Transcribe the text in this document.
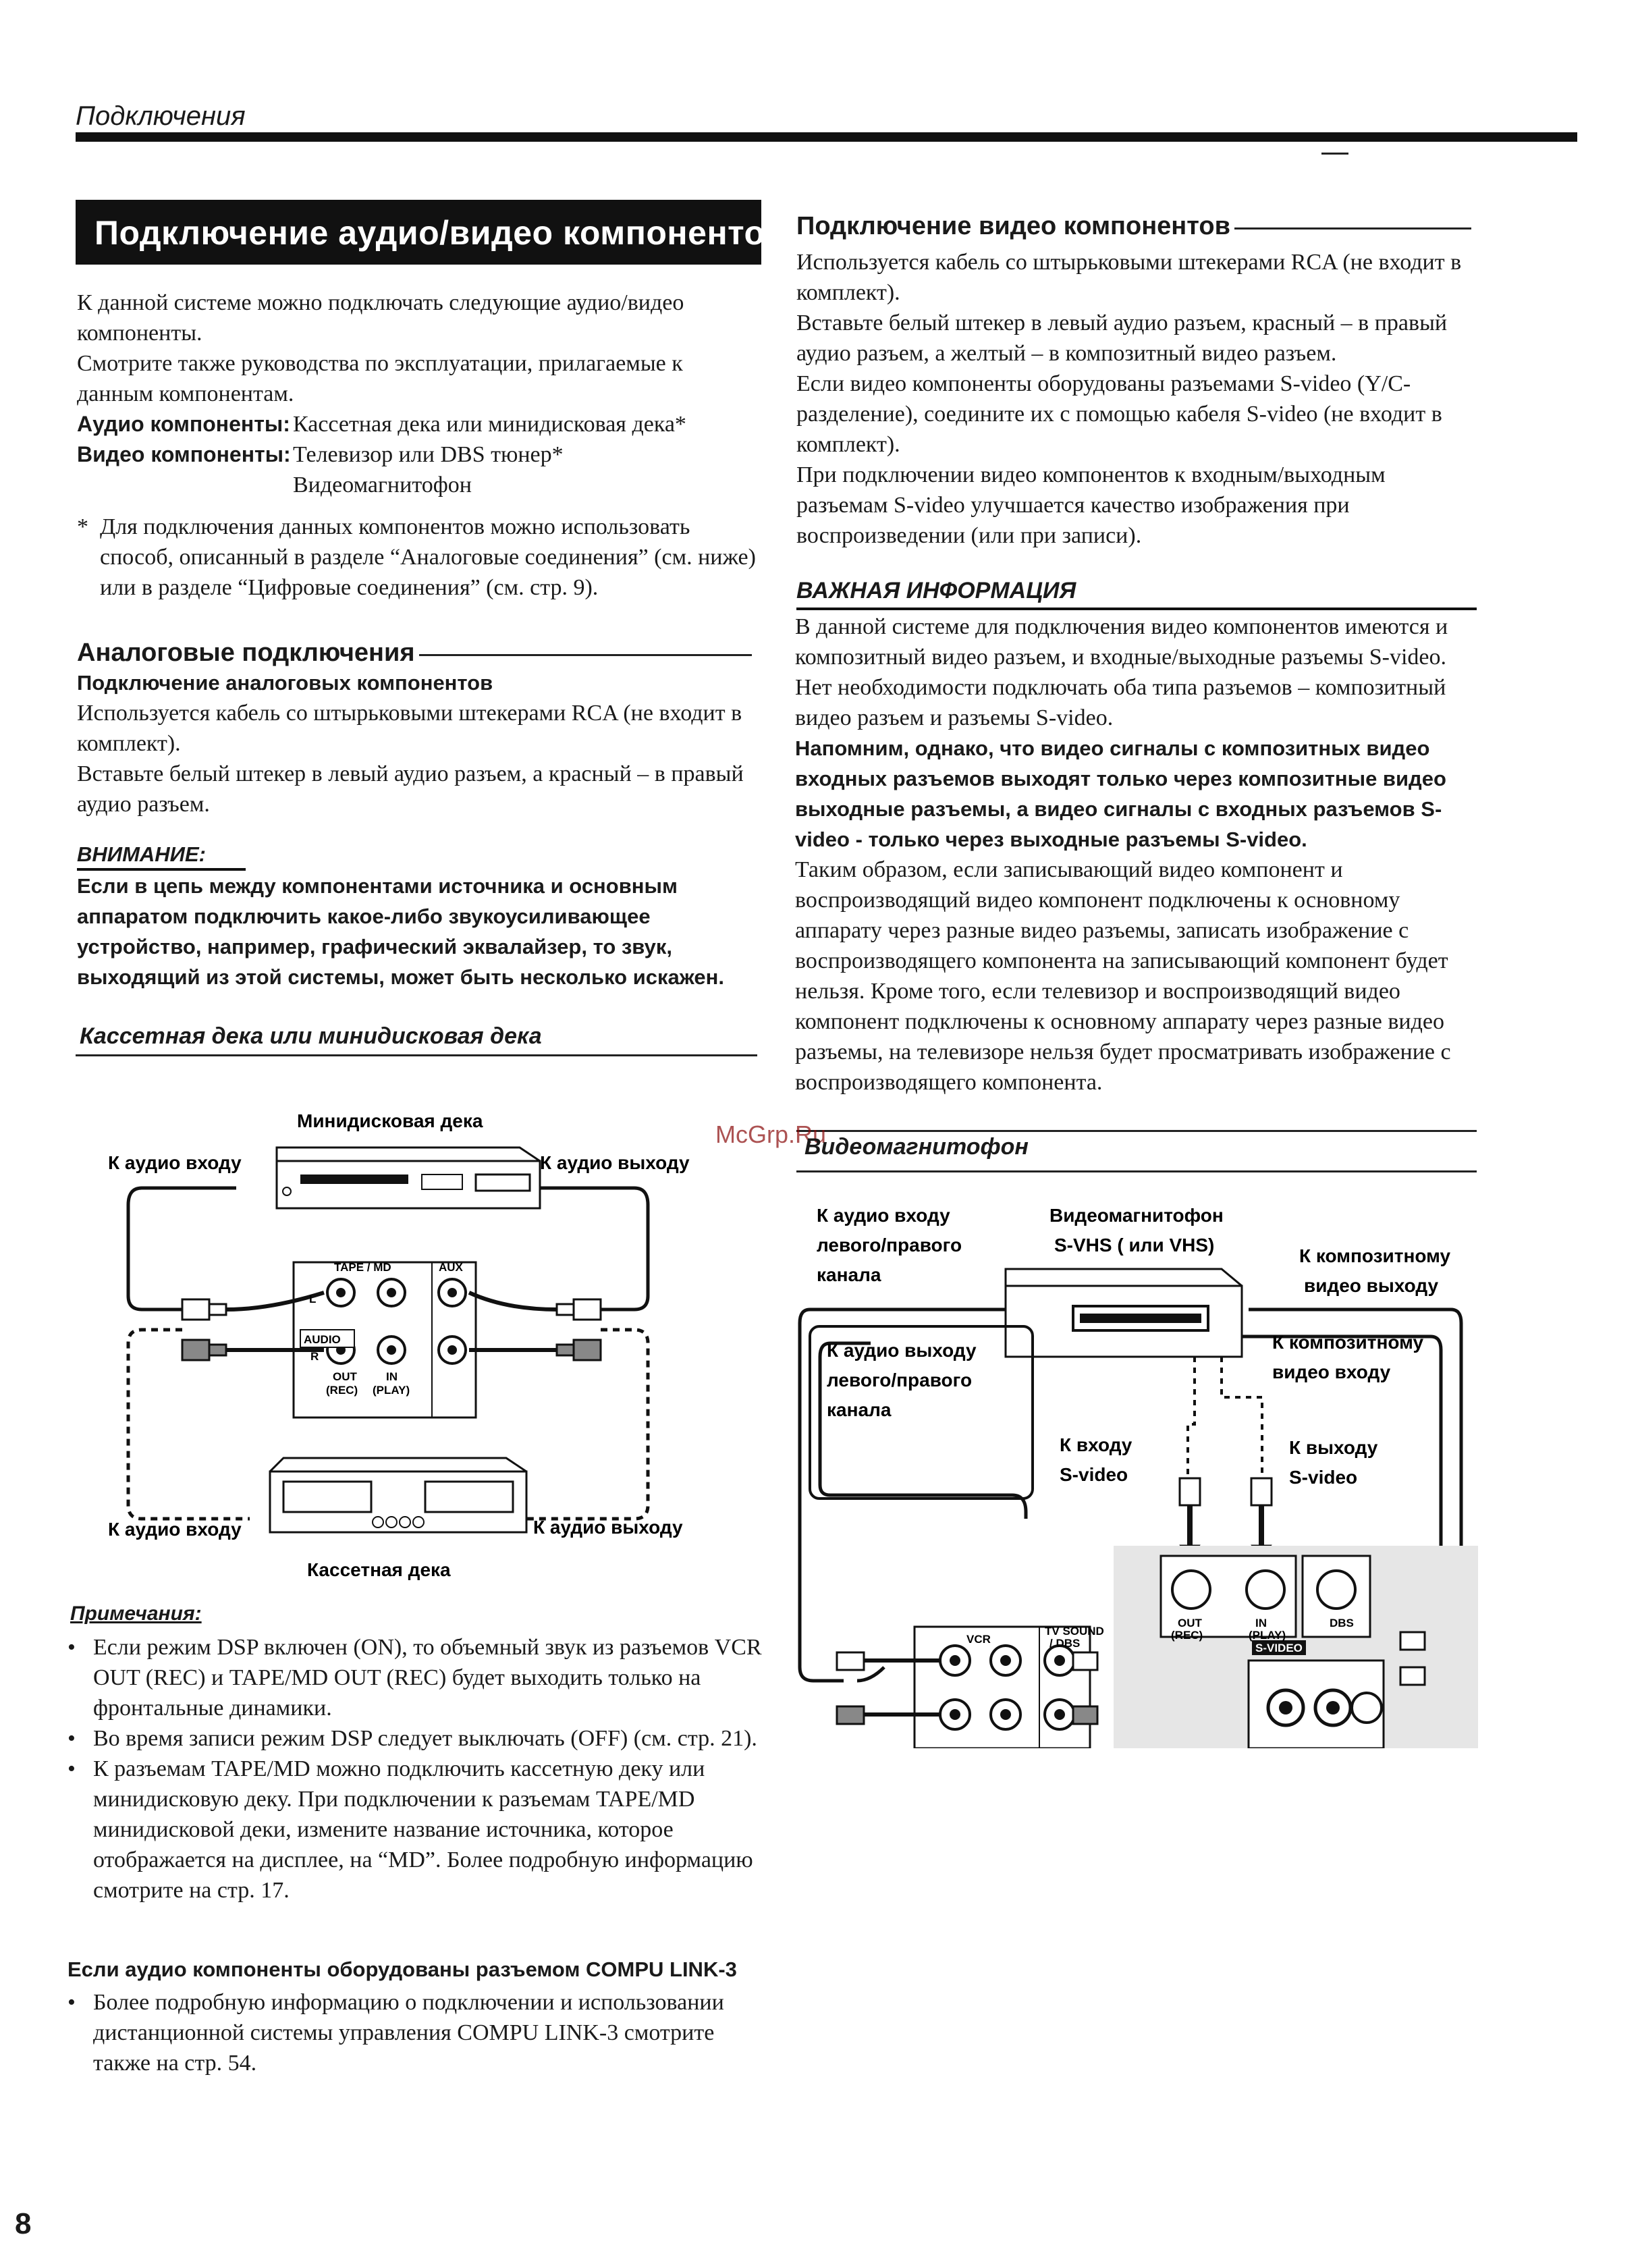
Подключения
Подключение аудио/видео компонентов

К данной системе можно подключать следующие аудио/видео компоненты.

Смотрите также руководства по эксплуатации, прилагаемые к данным компонентам.

Аудио компоненты: Кассетная дека или минидисковая дека*
Видео компоненты: Телевизор или DBS тюнер*
Видеомагнитофон
* Для подключения данных компонентов можно использовать способ, описанный в разделе “Аналоговые соединения” (см. ниже) или в разделе “Цифровые соединения” (см. стр. 9).
Аналоговые подключения
Подключение аналоговых компонентов

Используется кабель со штырьковыми штекерами RCA (не входит в комплект).

Вставьте белый штекер в левый аудио разъем, а красный – в правый аудио разъем.

ВНИМАНИЕ:
Если в цепь между компонентами источника и основным аппаратом подключить какое-либо звукоусиливающее устройство, например, графический эквалайзер, то звук, выходящий из этой системы, может быть несколько искажен.
Кассетная дека или минидисковая дека
Минидисковая дека
К аудио входу	К аудио выходу
К аудио входу	К аудио выходу
Кассетная дека
TAPE / MD	AUX
AUDIO
L
R
OUT
(REC)
IN
(PLAY)
Примечания:
• Если режим DSP включен (ON), то объемный звук из разъемов VCR OUT (REC) и TAPE/MD OUT (REC) будет выходить только на фронтальные динамики.
• Во время записи режим DSP следует выключать (OFF) (см. стр. 21).
• К разъемам TAPE/MD можно подключить кассетную деку или минидисковую деку. При подключении к разъемам TAPE/MD минидисковой деки, измените название источника, которое отображается на дисплее, на “MD”. Более подробную информацию смотрите на стр. 17.
Если аудио компоненты оборудованы разъемом COMPU LINK-3
• Более подробную информацию о подключении и использовании дистанционной системы управления COMPU LINK-3 смотрите также на стр. 54.
8
Подключение видео компонентов

Используется кабель со штырьковыми штекерами RCA (не входит в комплект).

Вставьте белый штекер в левый аудио разъем, красный – в правый аудио разъем, а желтый – в композитный видео разъем.

Если видео компоненты оборудованы разъемами S-video (Y/C-разделение), соедините их с помощью кабеля S-video (не входит в комплект).

При подключении видео компонентов к входным/выходным разъемам S-video улучшается качество изображения при воспроизведении (или при записи).

ВАЖНАЯ ИНФОРМАЦИЯ

В данной системе для подключения видео компонентов имеются и композитный видео разъем, и входные/выходные разъемы S-video. Нет необходимости подключать оба типа разъемов – композитный видео разъем и разъемы S-video.

Напомним, однако, что видео сигналы с композитных видео входных разъемов выходят только через композитные видео выходные разъемы, а видео сигналы с входных разъемов S-video - только через выходные разъемы S-video.

Таким образом, если записывающий видео компонент и воспроизводящий видео компонент подключены к основному аппарату через разные видео разъемы, записать изображение с воспроизводящего компонента на записывающий компонент будет нельзя. Кроме того, если телевизор и воспроизводящий видео компонент подключены к основному аппарату через разные видео разъемы, на телевизоре нельзя будет просматривать изображение с воспроизводящего компонента.

McGrp.Ru
Видеомагнитофон
К аудио входу
левого/правого
канала
Видеомагнитофон
S-VHS ( или VHS)
К композитному
видео выходу
К аудио выходу
левого/правого
канала
К композитному
видео входу
К входу
S-video
К выходу
S-video
VCR
TV SOUND
/ DBS
DBS
S-VIDEO
VIDEO
OUT
(REC)
IN
(PLAY)
